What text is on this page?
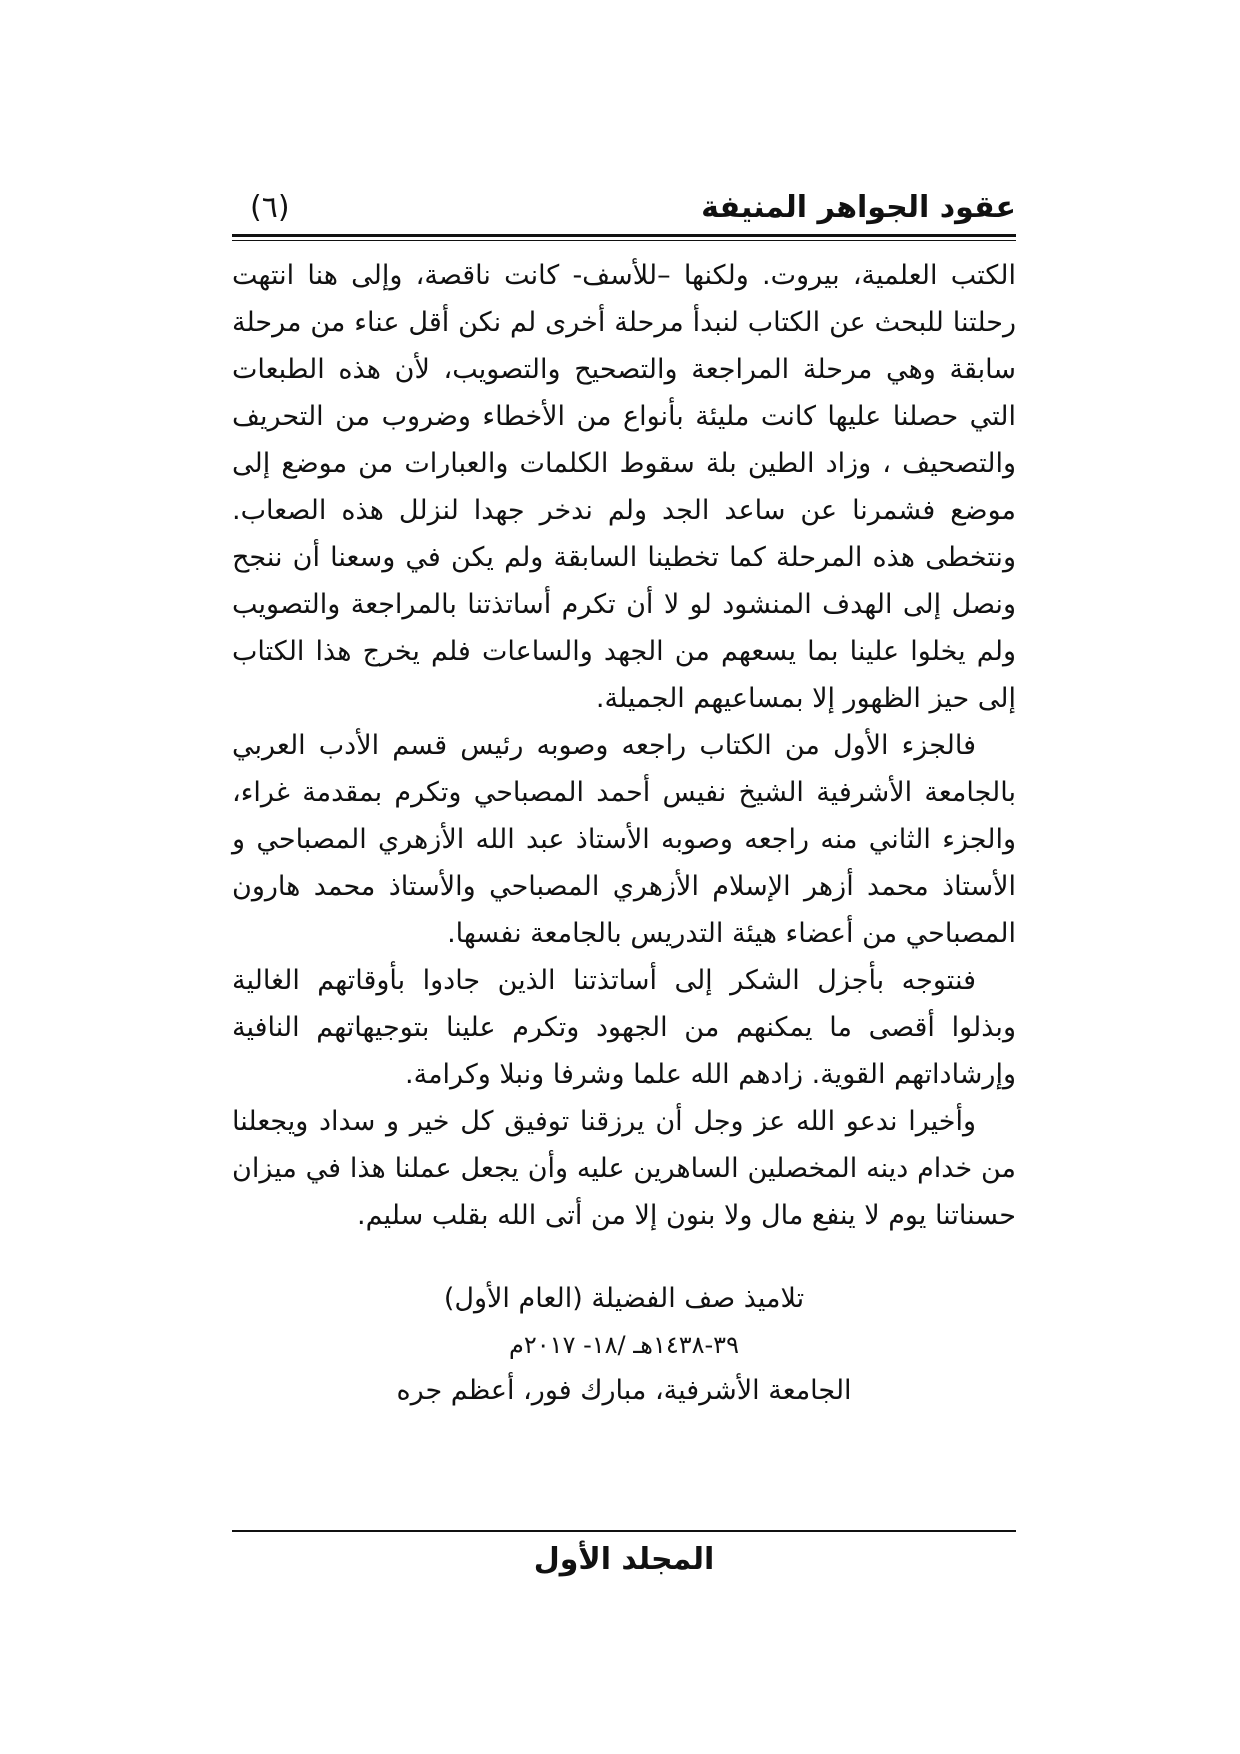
عقود الجواهر المنيفة
(٦)

الكتب العلمية، بيروت. ولكنها –للأسف- كانت ناقصة، وإلى هنا انتهت رحلتنا للبحث عن الكتاب لنبدأ مرحلة أخرى لم نكن أقل عناء من مرحلة سابقة وهي مرحلة المراجعة والتصحيح والتصويب، لأن هذه الطبعات التي حصلنا عليها كانت مليئة بأنواع من الأخطاء وضروب من التحريف والتصحيف ، وزاد الطين بلة سقوط الكلمات والعبارات من موضع إلى موضع فشمرنا عن ساعد الجد ولم ندخر جهدا لنزلل هذه الصعاب. ونتخطى هذه المرحلة كما تخطينا السابقة ولم يكن في وسعنا أن ننجح ونصل إلى الهدف المنشود لو لا أن تكرم أساتذتنا بالمراجعة والتصويب ولم يخلوا علينا بما يسعهم من الجهد والساعات فلم يخرج هذا الكتاب إلى حيز الظهور إلا بمساعيهم الجميلة.

فالجزء الأول من الكتاب راجعه وصوبه رئيس قسم الأدب العربي بالجامعة الأشرفية الشيخ نفيس أحمد المصباحي وتكرم بمقدمة غراء، والجزء الثاني منه راجعه وصوبه الأستاذ عبد الله الأزهري المصباحي و الأستاذ محمد أزهر الإسلام الأزهري المصباحي والأستاذ محمد هارون المصباحي من أعضاء هيئة التدريس بالجامعة نفسها.

فنتوجه بأجزل الشكر إلى أساتذتنا الذين جادوا بأوقاتهم الغالية وبذلوا أقصى ما يمكنهم من الجهود وتكرم علينا بتوجيهاتهم النافية وإرشاداتهم القوية. زادهم الله علما وشرفا ونبلا وكرامة.

وأخيرا ندعو الله عز وجل أن يرزقنا توفيق كل خير و سداد ويجعلنا من خدام دينه المخصلين الساهرين عليه وأن يجعل عملنا هذا في ميزان حسناتنا يوم لا ينفع مال ولا بنون إلا من أتى الله بقلب سليم.

تلاميذ صف الفضيلة (العام الأول)
٣٩-١٤٣٨هـ /١٨- ٢٠١٧م
الجامعة الأشرفية، مبارك فور، أعظم جره
المجلد الأول
